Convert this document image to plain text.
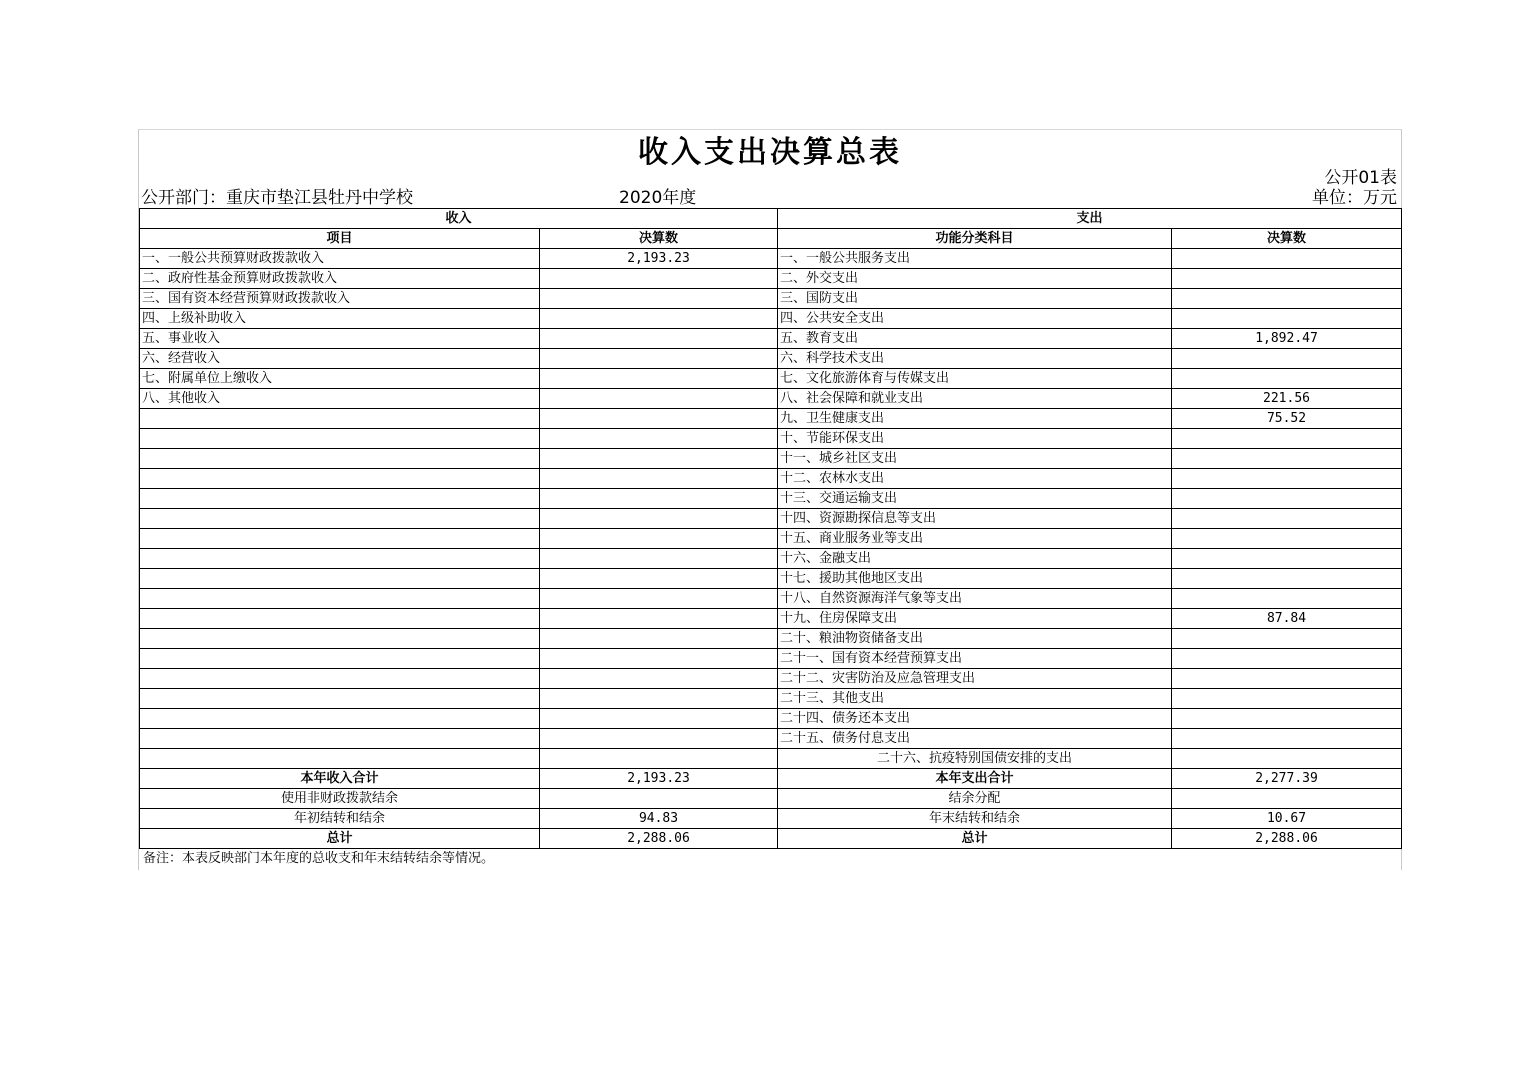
收入支出决算总表
公开01表
公开部门：重庆市垫江县牡丹中学校	2020年度	单位：万元
收入		支出	
项目	决算数	功能分类科目	决算数
一、一般公共预算财政拨款收入	2,193.23	一、一般公共服务支出	
二、政府性基金预算财政拨款收入		二、外交支出	
三、国有资本经营预算财政拨款收入		三、国防支出	
四、上级补助收入		四、公共安全支出	
五、事业收入		五、教育支出	1,892.47
六、经营收入		六、科学技术支出	
七、附属单位上缴收入		七、文化旅游体育与传媒支出	
八、其他收入		八、社会保障和就业支出	221.56
		九、卫生健康支出	75.52
		十、节能环保支出	
		十一、城乡社区支出	
		十二、农林水支出	
		十三、交通运输支出	
		十四、资源勘探信息等支出	
		十五、商业服务业等支出	
		十六、金融支出	
		十七、援助其他地区支出	
		十八、自然资源海洋气象等支出	
		十九、住房保障支出	87.84
		二十、粮油物资储备支出	
		二十一、国有资本经营预算支出	
		二十二、灾害防治及应急管理支出	
		二十三、其他支出	
		二十四、债务还本支出	
		二十五、债务付息支出	
		二十六、抗疫特别国债安排的支出	
本年收入合计	2,193.23	本年支出合计	2,277.39
使用非财政拨款结余		结余分配	
年初结转和结余	94.83	年末结转和结余	10.67
总计	2,288.06	总计	2,288.06
备注：本表反映部门本年度的总收支和年末结转结余等情况。
